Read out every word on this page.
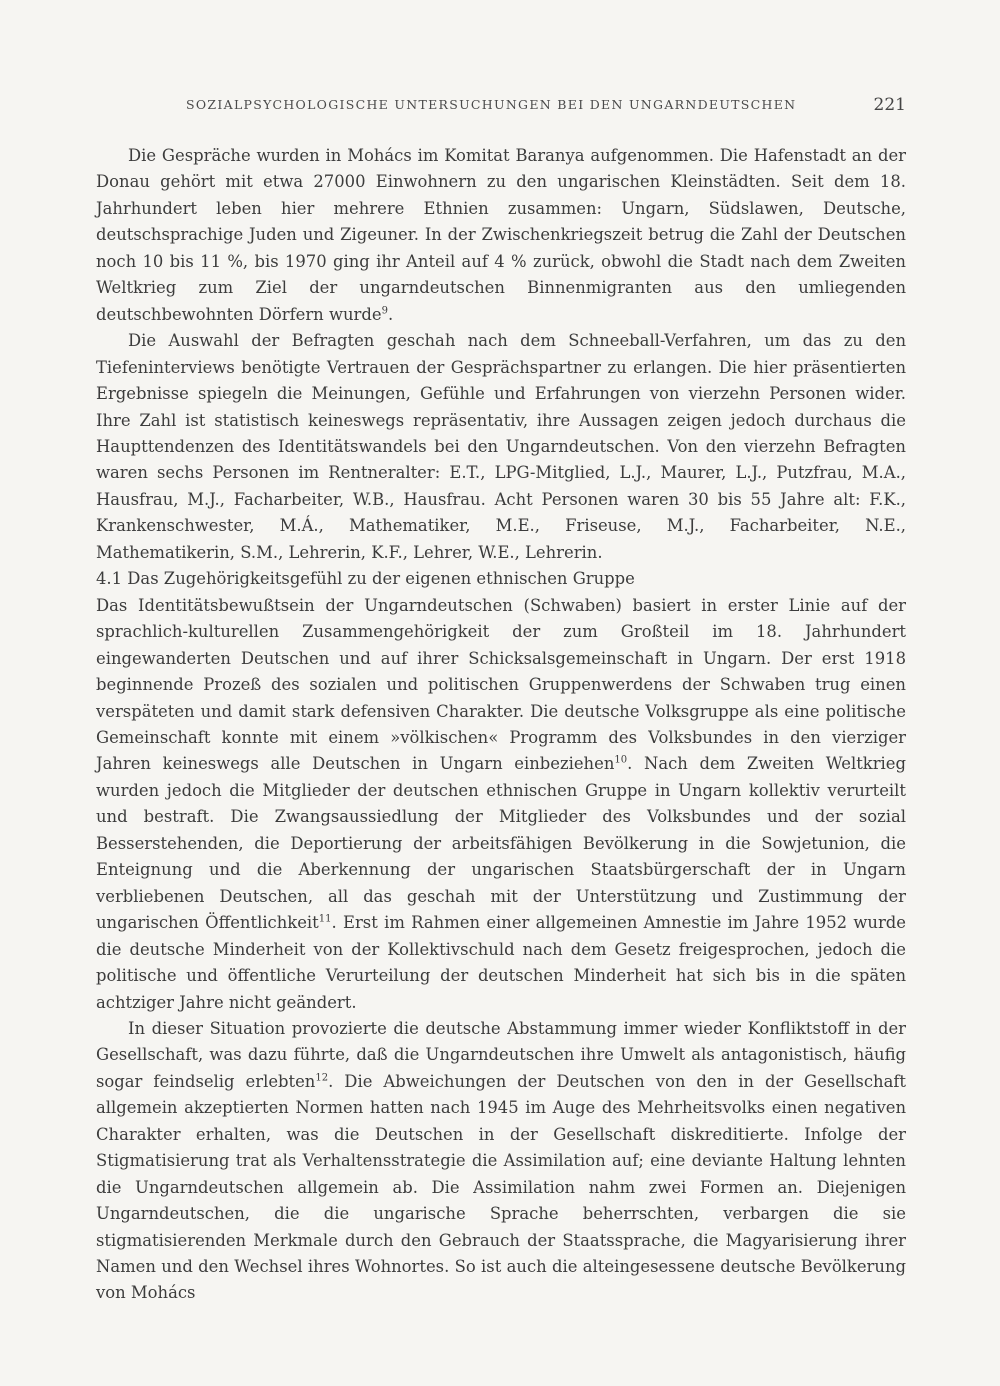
SOZIALPSYCHOLOGISCHE UNTERSUCHUNGEN BEI DEN UNGARNDEUTSCHEN	221

Die Gespräche wurden in Mohács im Komitat Baranya aufgenommen. Die Hafenstadt an der Donau gehört mit etwa 27000 Einwohnern zu den ungarischen Kleinstädten. Seit dem 18. Jahrhundert leben hier mehrere Ethnien zusammen: Ungarn, Südslawen, Deutsche, deutschsprachige Juden und Zigeuner. In der Zwischenkriegszeit betrug die Zahl der Deutschen noch 10 bis 11 %, bis 1970 ging ihr Anteil auf 4 % zurück, obwohl die Stadt nach dem Zweiten Weltkrieg zum Ziel der ungarndeutschen Binnenmigranten aus den umliegenden deutschbewohnten Dörfern wurde$^9$.

Die Auswahl der Befragten geschah nach dem Schneeball-Verfahren, um das zu den Tiefeninterviews benötigte Vertrauen der Gesprächspartner zu erlangen. Die hier präsentierten Ergebnisse spiegeln die Meinungen, Gefühle und Erfahrungen von vierzehn Personen wider. Ihre Zahl ist statistisch keineswegs repräsentativ, ihre Aussagen zeigen jedoch durchaus die Haupttendenzen des Identitätswandels bei den Ungarndeutschen. Von den vierzehn Befragten waren sechs Personen im Rentneralter: E.T., LPG-Mitglied, L.J., Maurer, L.J., Putzfrau, M.A., Hausfrau, M.J., Facharbeiter, W.B., Hausfrau. Acht Personen waren 30 bis 55 Jahre alt: F.K., Krankenschwester, M.Á., Mathematiker, M.E., Friseuse, M.J., Facharbeiter, N.E., Mathematikerin, S.M., Lehrerin, K.F., Lehrer, W.E., Lehrerin.

4.1 Das Zugehörigkeitsgefühl zu der eigenen ethnischen Gruppe

Das Identitätsbewußtsein der Ungarndeutschen (Schwaben) basiert in erster Linie auf der sprachlich-kulturellen Zusammengehörigkeit der zum Großteil im 18. Jahrhundert eingewanderten Deutschen und auf ihrer Schicksalsgemeinschaft in Ungarn. Der erst 1918 beginnende Prozeß des sozialen und politischen Gruppenwerdens der Schwaben trug einen verspäteten und damit stark defensiven Charakter. Die deutsche Volksgruppe als eine politische Gemeinschaft konnte mit einem »völkischen« Programm des Volksbundes in den vierziger Jahren keineswegs alle Deutschen in Ungarn einbeziehen$^{10}$. Nach dem Zweiten Weltkrieg wurden jedoch die Mitglieder der deutschen ethnischen Gruppe in Ungarn kollektiv verurteilt und bestraft. Die Zwangsaussiedlung der Mitglieder des Volksbundes und der sozial Besserstehenden, die Deportierung der arbeitsfähigen Bevölkerung in die Sowjetunion, die Enteignung und die Aberkennung der ungarischen Staatsbürgerschaft der in Ungarn verbliebenen Deutschen, all das geschah mit der Unterstützung und Zustimmung der ungarischen Öffentlichkeit$^{11}$. Erst im Rahmen einer allgemeinen Amnestie im Jahre 1952 wurde die deutsche Minderheit von der Kollektivschuld nach dem Gesetz freigesprochen, jedoch die politische und öffentliche Verurteilung der deutschen Minderheit hat sich bis in die späten achtziger Jahre nicht geändert.

In dieser Situation provozierte die deutsche Abstammung immer wieder Konfliktstoff in der Gesellschaft, was dazu führte, daß die Ungarndeutschen ihre Umwelt als antagonistisch, häufig sogar feindselig erlebten$^{12}$. Die Abweichungen der Deutschen von den in der Gesellschaft allgemein akzeptierten Normen hatten nach 1945 im Auge des Mehrheitsvolks einen negativen Charakter erhalten, was die Deutschen in der Gesellschaft diskreditierte. Infolge der Stigmatisierung trat als Verhaltensstrategie die Assimilation auf; eine deviante Haltung lehnten die Ungarndeutschen allgemein ab. Die Assimilation nahm zwei Formen an. Diejenigen Ungarndeutschen, die die ungarische Sprache beherrschten, verbargen die sie stigmatisierenden Merkmale durch den Gebrauch der Staatssprache, die Magyarisierung ihrer Namen und den Wechsel ihres Wohnortes. So ist auch die alteingesessene deutsche Bevölkerung von Mohács
